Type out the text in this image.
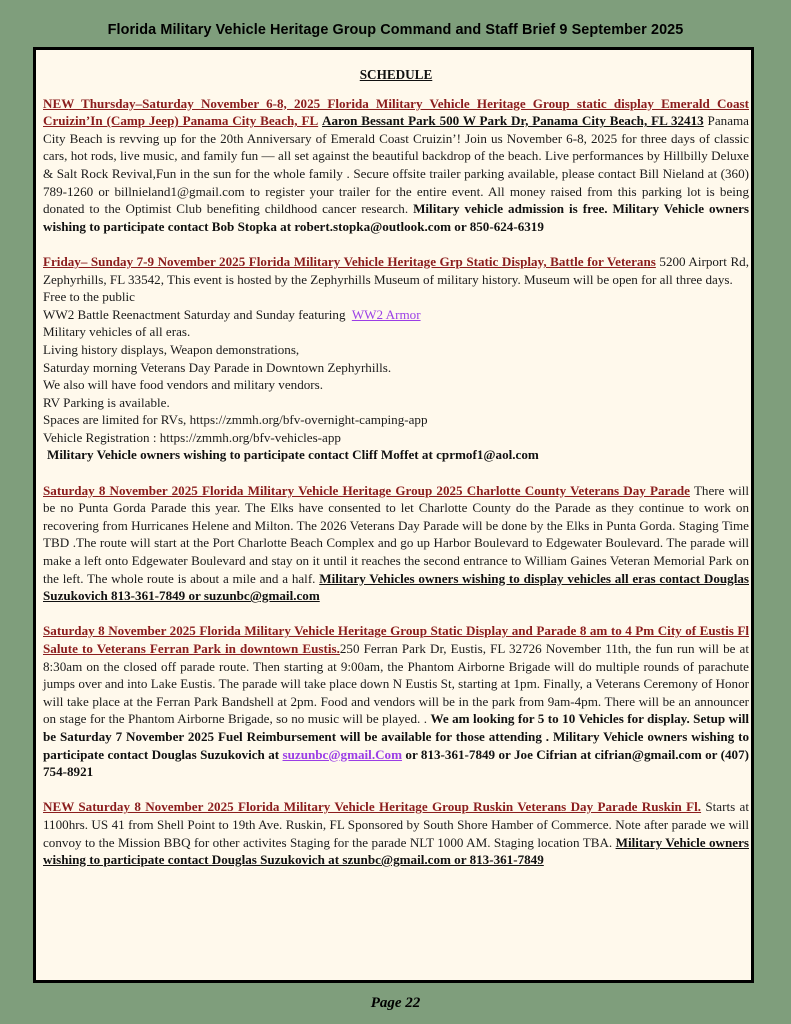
Florida Military Vehicle Heritage Group Command and Staff Brief 9 September 2025
SCHEDULE
NEW Thursday–Saturday November 6-8, 2025 Florida Military Vehicle Heritage Group static display Emerald Coast Cruizin’In (Camp Jeep) Panama City Beach, FL Aaron Bessant Park 500 W Park Dr, Panama City Beach, FL 32413 Panama City Beach is revving up for the 20th Anniversary of Emerald Coast Cruizin’! Join us November 6-8, 2025 for three days of classic cars, hot rods, live music, and family fun — all set against the beautiful backdrop of the beach. Live performances by Hillbilly Deluxe & Salt Rock Revival,Fun in the sun for the whole family . Secure offsite trailer parking available, please contact Bill Nieland at (360) 789-1260 or billnieland1@gmail.com to register your trailer for the entire event. All money raised from this parking lot is being donated to the Optimist Club benefiting childhood cancer research. Military vehicle admission is free. Military Vehicle owners wishing to participate contact Bob Stopka at robert.stopka@outlook.com or 850-624-6319
Friday– Sunday 7-9 November 2025 Florida Military Vehicle Heritage Grp Static Display, Battle for Veterans 5200 Airport Rd, Zephyrhills, FL 33542, This event is hosted by the Zephyrhills Museum of military history. Museum will be open for all three days.
Free to the public
WW2 Battle Reenactment Saturday and Sunday featuring WW2 Armor
Military vehicles of all eras.
Living history displays, Weapon demonstrations,
Saturday morning Veterans Day Parade in Downtown Zephyrhills.
We also will have food vendors and military vendors.
RV Parking is available.
Spaces are limited for RVs, https://zmmh.org/bfv-overnight-camping-app
Vehicle Registration : https://zmmh.org/bfv-vehicles-app
Military Vehicle owners wishing to participate contact Cliff Moffet at cprmof1@aol.com
Saturday 8 November 2025 Florida Military Vehicle Heritage Group 2025 Charlotte County Veterans Day Parade There will be no Punta Gorda Parade this year. The Elks have consented to let Charlotte County do the Parade as they continue to work on recovering from Hurricanes Helene and Milton. The 2026 Veterans Day Parade will be done by the Elks in Punta Gorda. Staging Time TBD .The route will start at the Port Charlotte Beach Complex and go up Harbor Boulevard to Edgewater Boulevard. The parade will make a left onto Edgewater Boulevard and stay on it until it reaches the second entrance to William Gaines Veteran Memorial Park on the left. The whole route is about a mile and a half. Military Vehicles owners wishing to display vehicles all eras contact Douglas Suzukovich 813-361-7849 or suzunbc@gmail.com
Saturday 8 November 2025 Florida Military Vehicle Heritage Group Static Display and Parade 8 am to 4 Pm City of Eustis Fl Salute to Veterans Ferran Park in downtown Eustis.250 Ferran Park Dr, Eustis, FL 32726 November 11th, the fun run will be at 8:30am on the closed off parade route. Then starting at 9:00am, the Phantom Airborne Brigade will do multiple rounds of parachute jumps over and into Lake Eustis. The parade will take place down N Eustis St, starting at 1pm. Finally, a Veterans Ceremony of Honor will take place at the Ferran Park Bandshell at 2pm. Food and vendors will be in the park from 9am-4pm. There will be an announcer on stage for the Phantom Airborne Brigade, so no music will be played. . We am looking for 5 to 10 Vehicles for display. Setup will be Saturday 7 November 2025 Fuel Reimbursement will be available for those attending . Military Vehicle owners wishing to participate contact Douglas Suzukovich at suzunbc@gmail.Com or 813-361-7849 or Joe Cifrian at cifrian@gmail.com or (407) 754-8921
NEW Saturday 8 November 2025 Florida Military Vehicle Heritage Group Ruskin Veterans Day Parade Ruskin Fl. Starts at 1100hrs. US 41 from Shell Point to 19th Ave. Ruskin, FL Sponsored by South Shore Hamber of Commerce. Note after parade we will convoy to the Mission BBQ for other activites Staging for the parade NLT 1000 AM. Staging location TBA. Military Vehicle owners wishing to participate contact Douglas Suzukovich at szunbc@gmail.com or 813-361-7849
Page 22
